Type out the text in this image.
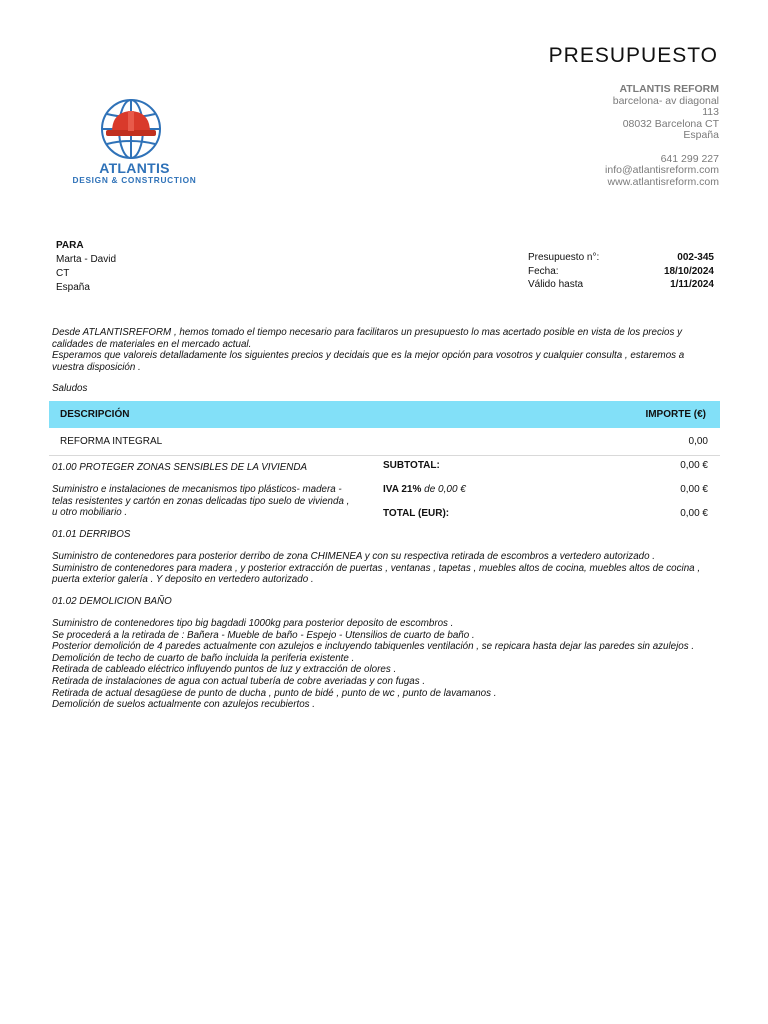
PRESUPUESTO
ATLANTIS REFORM
barcelona- av diagonal
113
08032 Barcelona CT
España
641 299 227
info@atlantisreform.com
www.atlantisreform.com
ATLANTIS
DESIGN & CONSTRUCTION
PARA
Marta - David
CT
España
Presupuesto n°:	002-345
Fecha:	18/10/2024
Válido hasta	1/11/2024

Desde ATLANTISREFORM , hemos tomado el tiempo necesario para facilitaros un presupuesto lo mas acertado posible en vista de los precios y calidades de materiales en el mercado actual.

Esperamos que valoreis detalladamente los siguientes precios y decidais que es la mejor opción para vosotros y cualquier consulta , estaremos a vuestra disposición .

Saludos
DESCRIPCIÓN	IMPORTE (€)
REFORMA INTEGRAL	0,00
SUBTOTAL:	0,00 €
IVA 21% de 0,00 €	0,00 €
TOTAL (EUR):	0,00 €
01.00 PROTEGER ZONAS SENSIBLES DE LA VIVIENDA

Suministro e instalaciones de mecanismos tipo plásticos- madera - telas resistentes y cartón en zonas delicadas tipo suelo de vivienda , u otro mobiliario .

01.01 DERRIBOS

Suministro de contenedores para posterior derribo de zona CHIMENEA y con su respectiva retirada de escombros a vertedero autorizado .

Suministro de contenedores para madera , y posterior extracción de puertas , ventanas , tapetas , muebles altos de cocina, muebles altos de cocina , puerta exterior galería . Y deposito en vertedero autorizado .

01.02 DEMOLICION BAÑO

Suministro de contenedores tipo big bagdadi 1000kg para posterior deposito de escombros .

Se procederá a la retirada de : Bañera - Mueble de baño - Espejo - Utensilios de cuarto de baño .

Posterior demolición de 4 paredes actualmente con azulejos e incluyendo tabiquenles ventilación , se repicara hasta dejar las paredes sin azulejos .

Demolición de techo de cuarto de baño incluida la periferia existente .

Retirada de cableado eléctrico influyendo puntos de luz y extracción de olores .

Retirada de instalaciones de agua con actual tubería de cobre averiadas y con fugas .

Retirada de actual desagüese de punto de ducha , punto de bidé , punto de wc , punto de lavamanos .

Demolición de suelos actualmente con azulejos recubiertos .
